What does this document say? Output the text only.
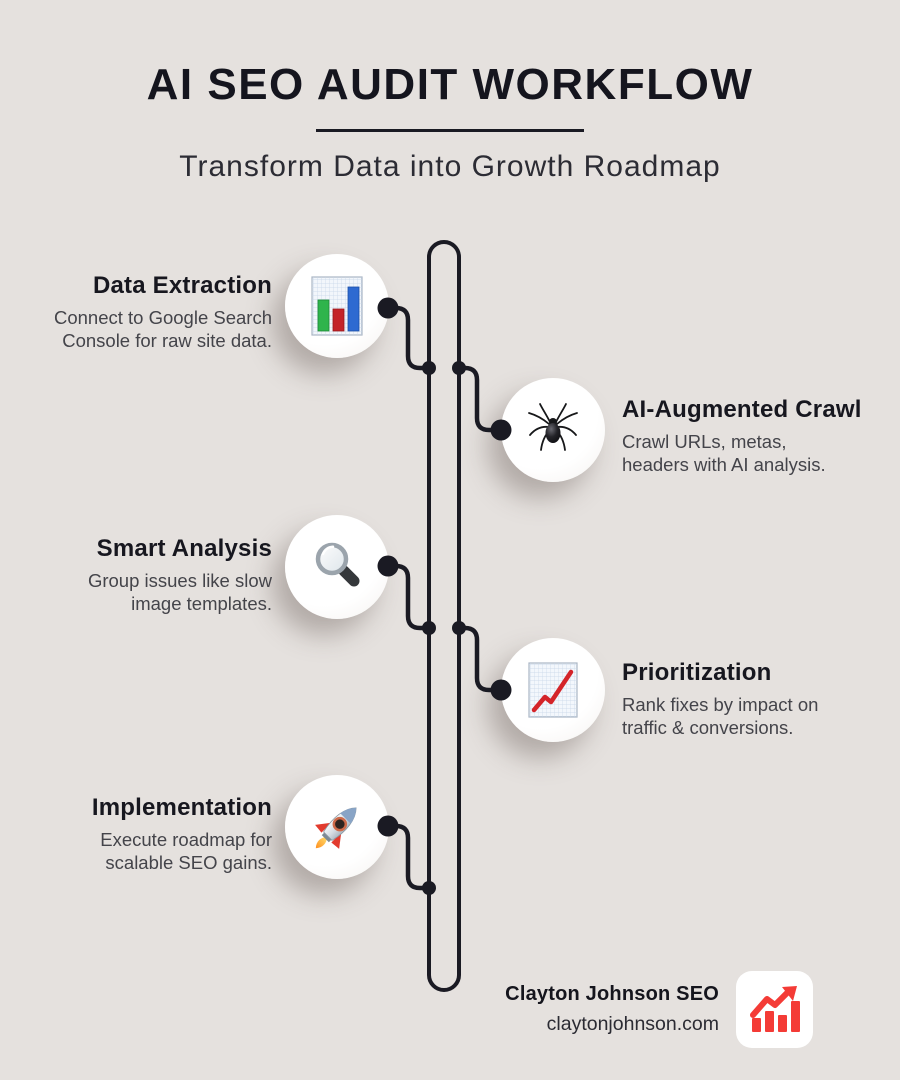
AI SEO AUDIT WORKFLOW
Transform Data into Growth Roadmap
Data Extraction
Connect to Google Search
Console for raw site data.
AI-Augmented Crawl
Crawl URLs, metas,
headers with AI analysis.
Smart Analysis
Group issues like slow
image templates.
Prioritization
Rank fixes by impact on
traffic & conversions.
Implementation
Execute roadmap for
scalable SEO gains.
Clayton Johnson SEO
claytonjohnson.com
